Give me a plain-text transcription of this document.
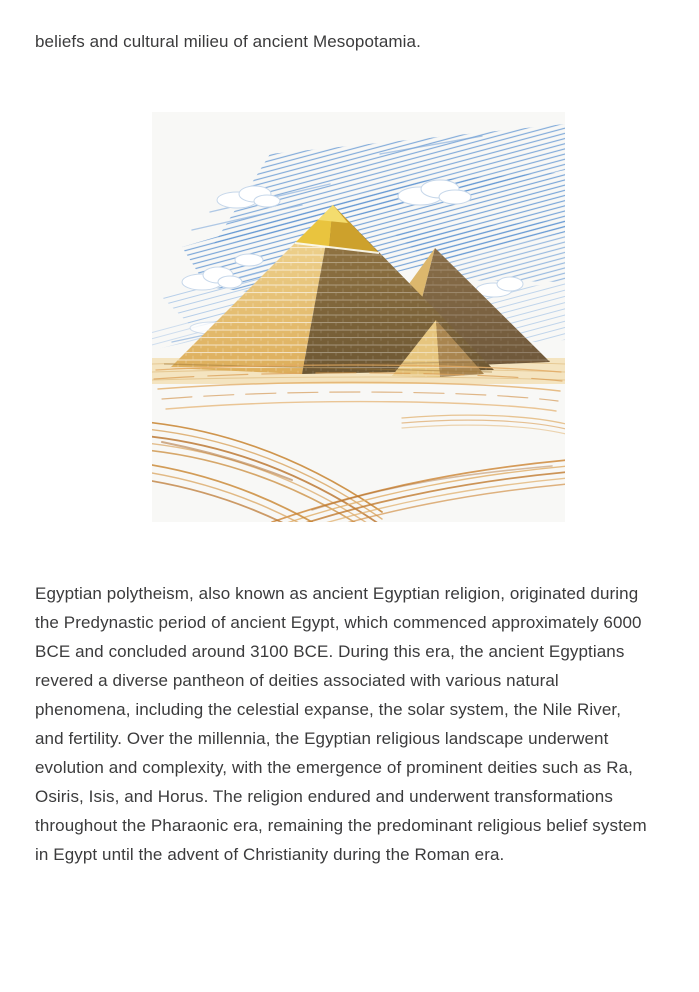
beliefs and cultural milieu of ancient Mesopotamia.

Egyptian polytheism, also known as ancient Egyptian religion, originated during the Predynastic period of ancient Egypt, which commenced approximately 6000 BCE and concluded around 3100 BCE. During this era, the ancient Egyptians revered a diverse pantheon of deities associated with various natural phenomena, including the celestial expanse, the solar system, the Nile River, and fertility. Over the millennia, the Egyptian religious landscape underwent evolution and complexity, with the emergence of prominent deities such as Ra, Osiris, Isis, and Horus. The religion endured and underwent transformations throughout the Pharaonic era, remaining the predominant religious belief system in Egypt until the advent of Christianity during the Roman era.
